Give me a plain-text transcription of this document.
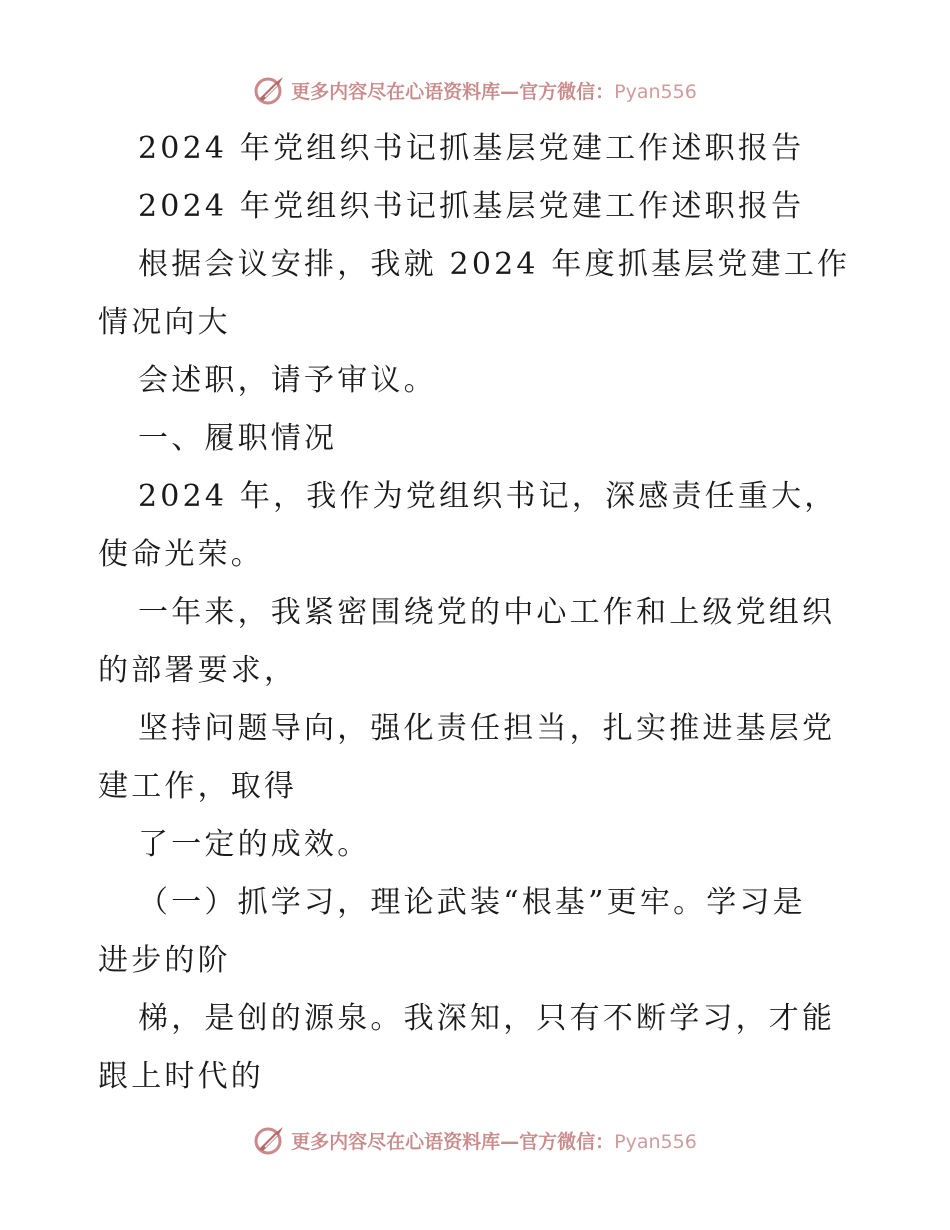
更多内容尽在心语资料库—官方微信：Pyan556
2024 年党组织书记抓基层党建工作述职报告
2024 年党组织书记抓基层党建工作述职报告
根据会议安排，我就 2024 年度抓基层党建工作
情况向大
会述职，请予审议。
一、履职情况
2024 年，我作为党组织书记，深感责任重大，
使命光荣。
一年来，我紧密围绕党的中心工作和上级党组织
的部署要求，
坚持问题导向，强化责任担当，扎实推进基层党
建工作，取得
了一定的成效。
（一）抓学习，理论武装“根基”更牢。学习是
进步的阶
梯，是创的源泉。我深知，只有不断学习，才能
跟上时代的
更多内容尽在心语资料库—官方微信：Pyan556
